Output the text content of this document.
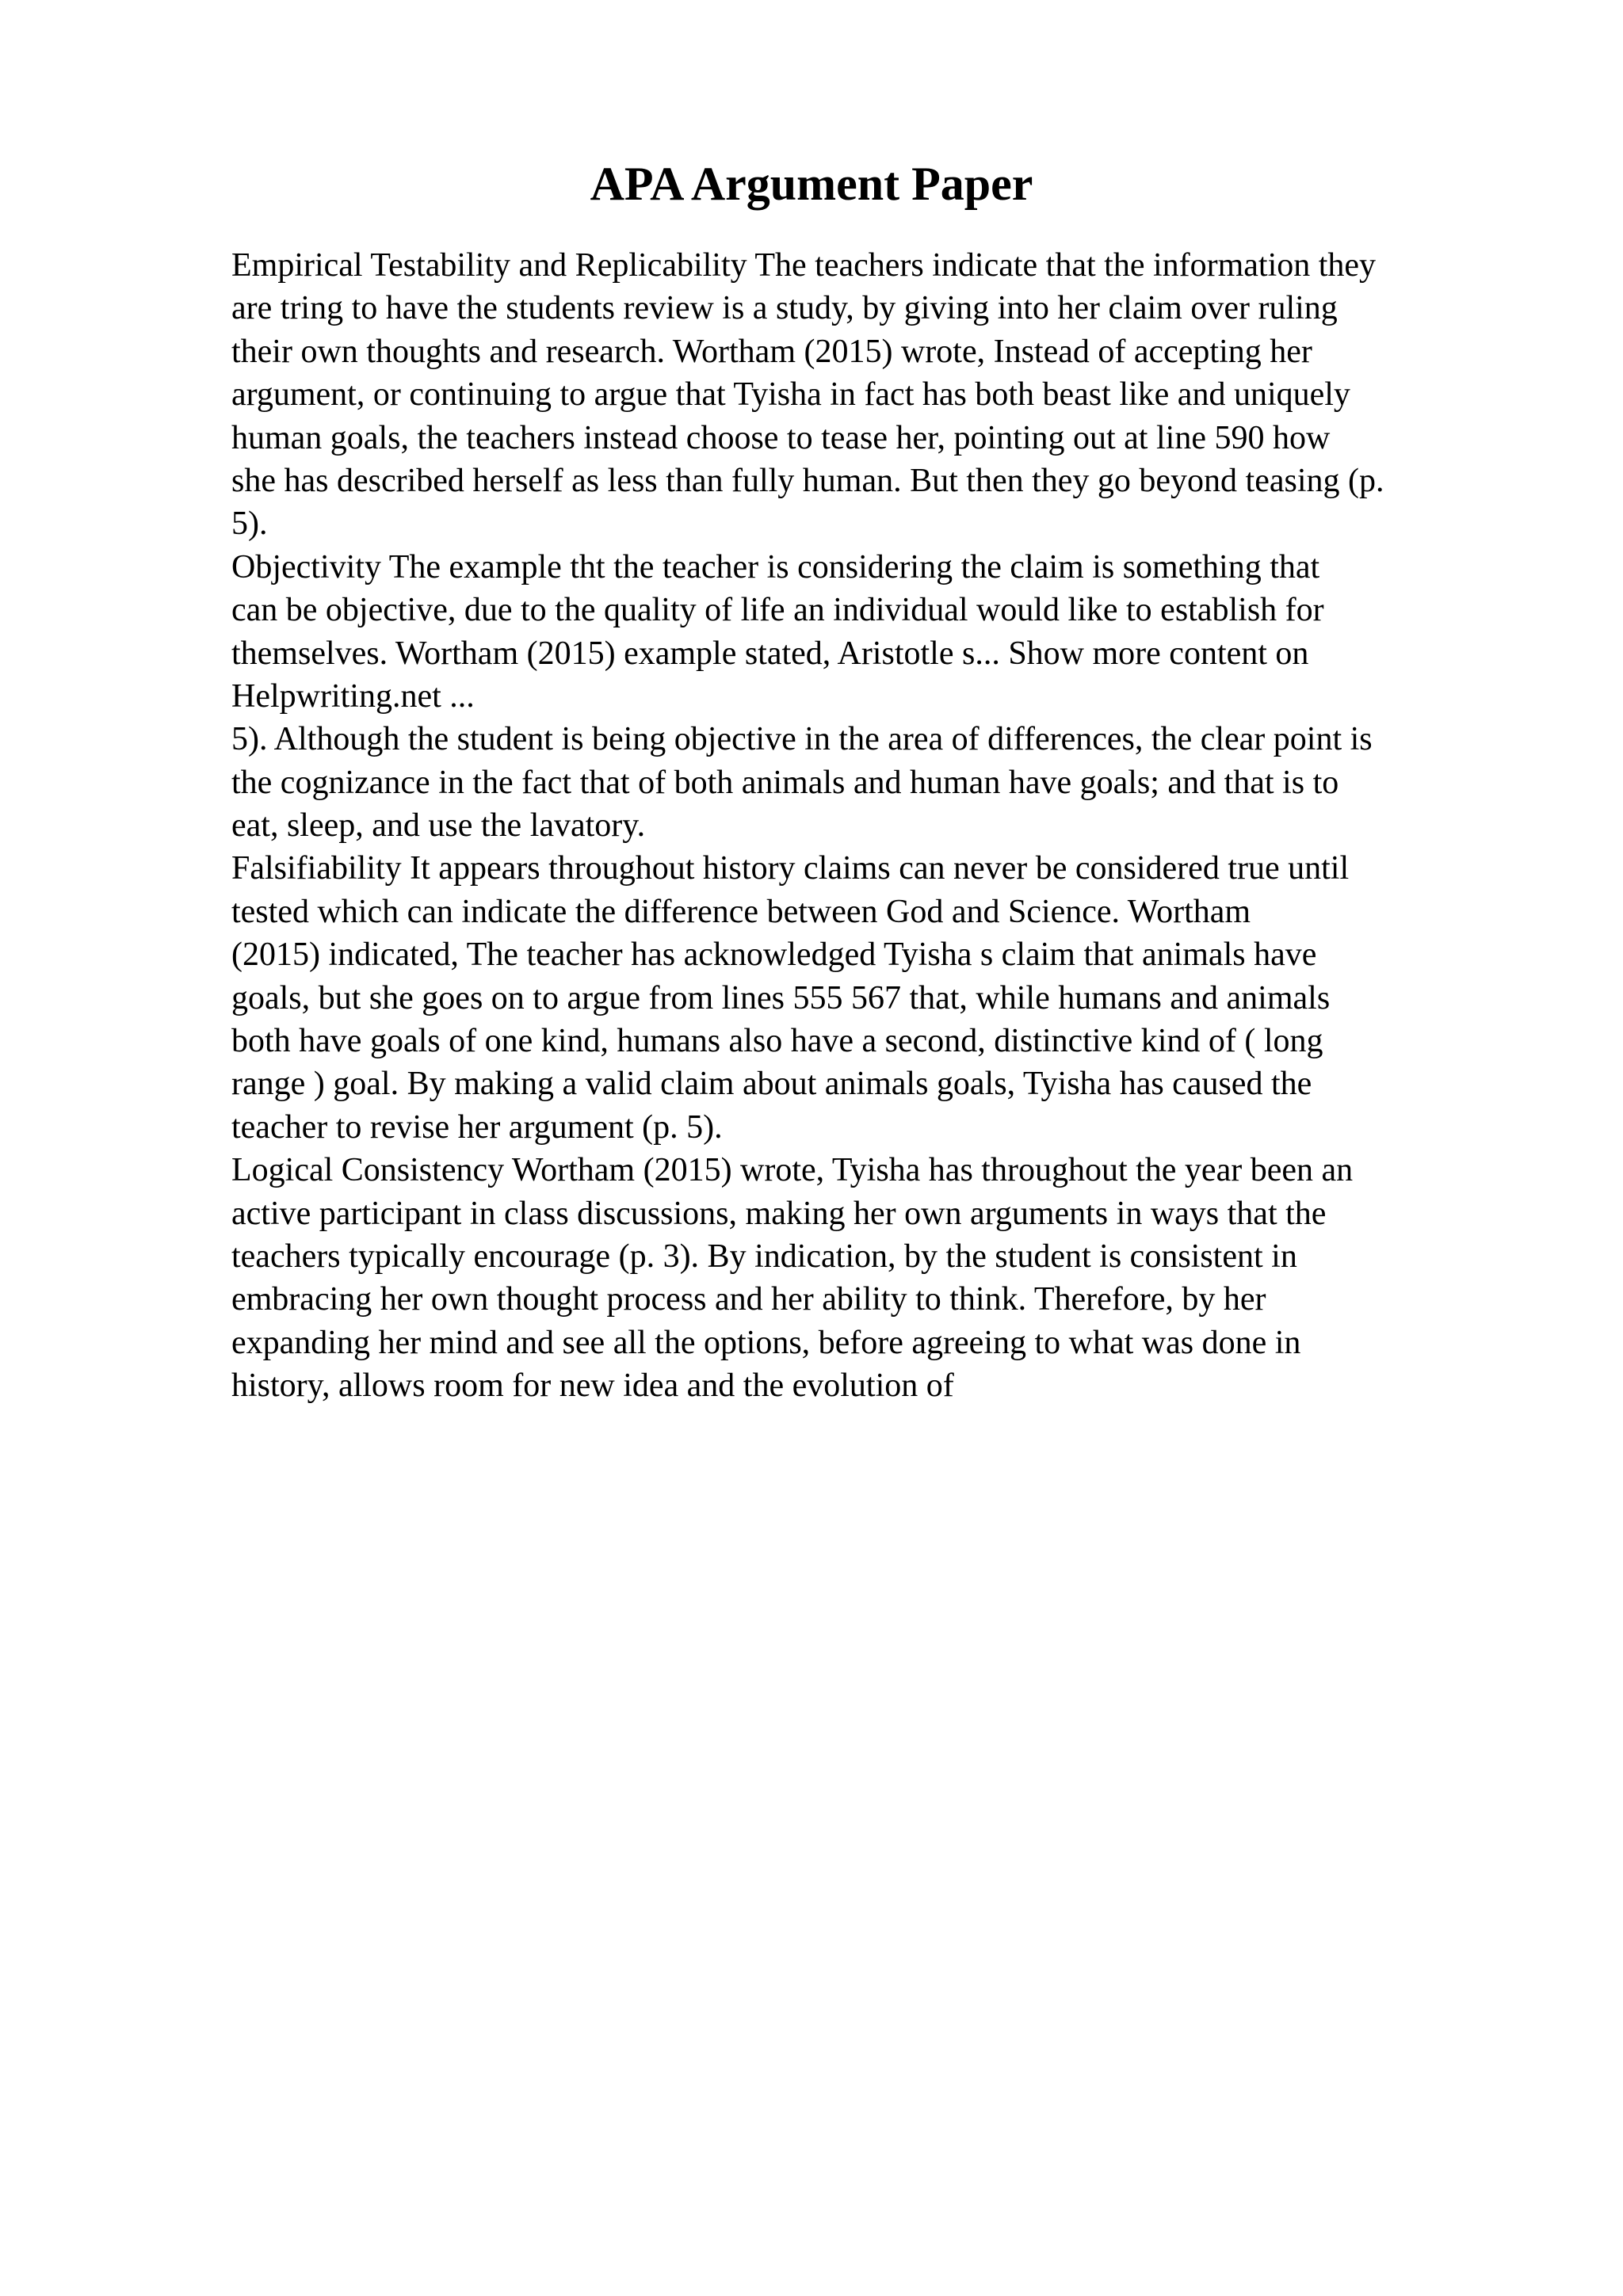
APA Argument Paper
Empirical Testability and Replicability The teachers indicate that the information they
are tring to have the students review is a study, by giving into her claim over ruling
their own thoughts and research. Wortham (2015) wrote, Instead of accepting her
argument, or continuing to argue that Tyisha in fact has both beast like and uniquely
human goals, the teachers instead choose to tease her, pointing out at line 590 how
she has described herself as less than fully human. But then they go beyond teasing (p.
5).
Objectivity The example tht the teacher is considering the claim is something that
can be objective, due to the quality of life an individual would like to establish for
themselves. Wortham (2015) example stated, Aristotle s... Show more content on
Helpwriting.net ...
5). Although the student is being objective in the area of differences, the clear point is
the cognizance in the fact that of both animals and human have goals; and that is to
eat, sleep, and use the lavatory.
Falsifiability It appears throughout history claims can never be considered true until
tested which can indicate the difference between God and Science. Wortham
(2015) indicated, The teacher has acknowledged Tyisha s claim that animals have
goals, but she goes on to argue from lines 555 567 that, while humans and animals
both have goals of one kind, humans also have a second, distinctive kind of ( long
range ) goal. By making a valid claim about animals goals, Tyisha has caused the
teacher to revise her argument (p. 5).
Logical Consistency Wortham (2015) wrote, Tyisha has throughout the year been an
active participant in class discussions, making her own arguments in ways that the
teachers typically encourage (p. 3). By indication, by the student is consistent in
embracing her own thought process and her ability to think. Therefore, by her
expanding her mind and see all the options, before agreeing to what was done in
history, allows room for new idea and the evolution of
